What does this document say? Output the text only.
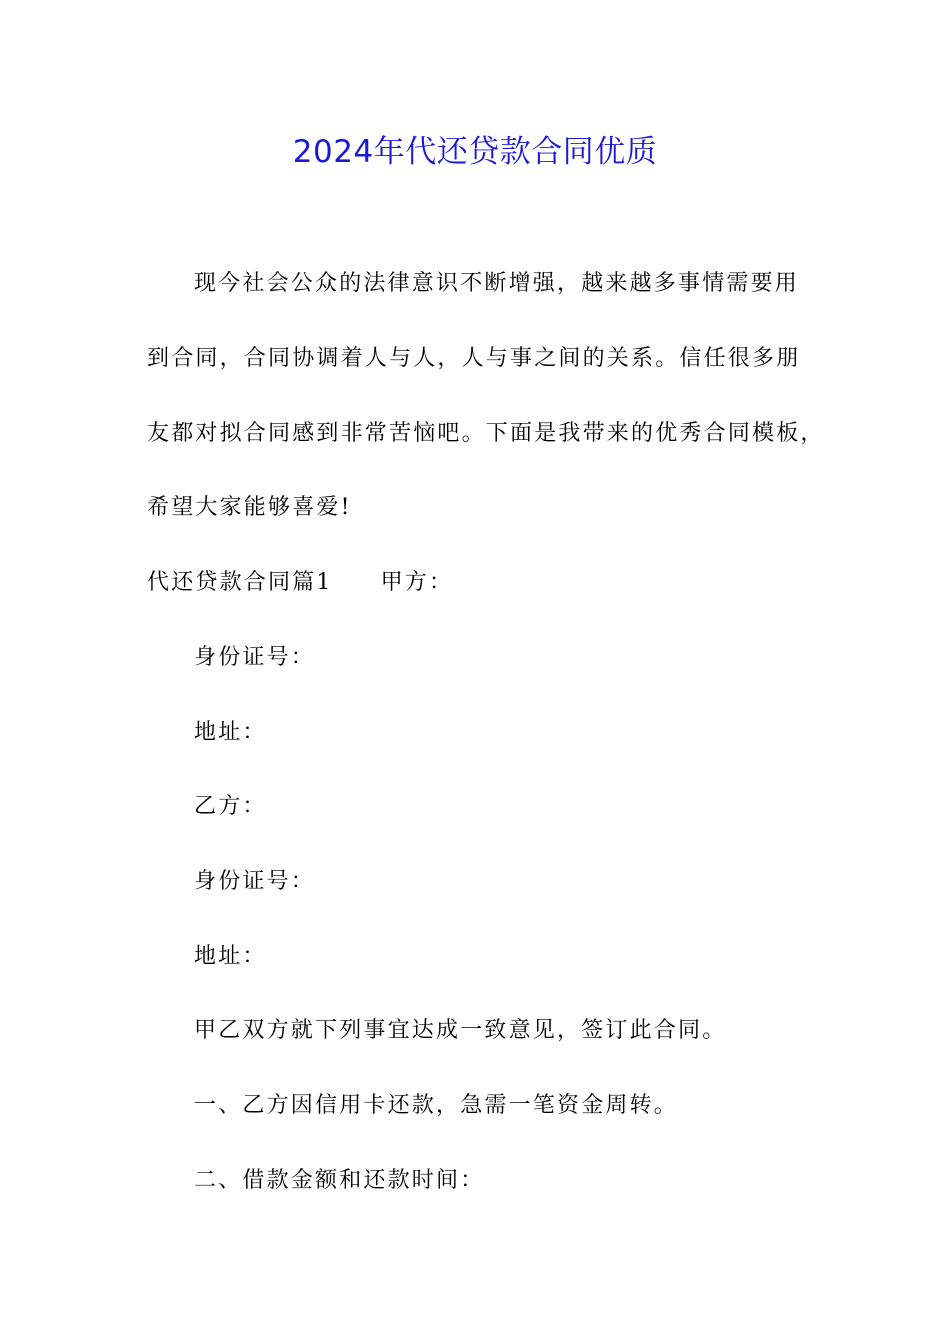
2024年代还贷款合同优质
现今社会公众的法律意识不断增强，越来越多事情需要用
到合同，合同协调着人与人，人与事之间的关系。信任很多朋
友都对拟合同感到非常苦恼吧。下面是我带来的优秀合同模板，
希望大家能够喜爱!
代还贷款合同篇1 甲方：
身份证号：
地址：
乙方：
身份证号：
地址：
甲乙双方就下列事宜达成一致意见，签订此合同。
一、乙方因信用卡还款，急需一笔资金周转。
二、借款金额和还款时间：
